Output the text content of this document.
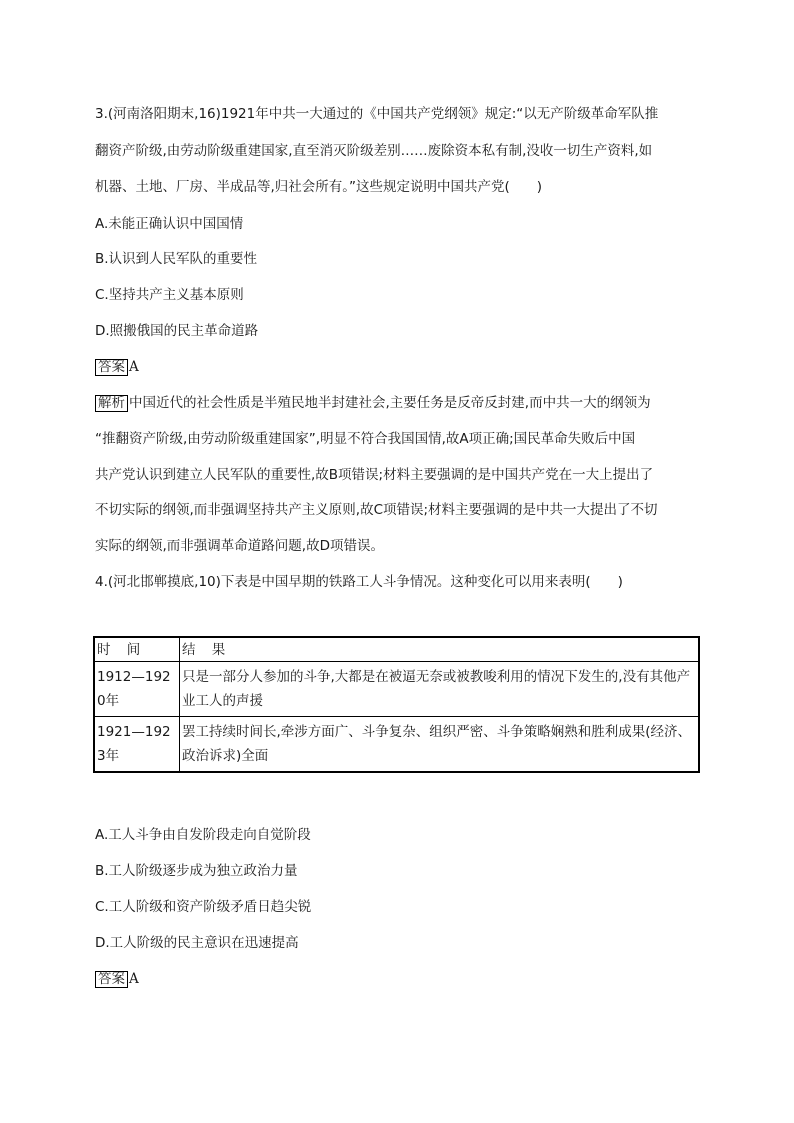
3.(河南洛阳期末,16)1921年中共一大通过的《中国共产党纲领》规定:“以无产阶级革命军队推
翻资产阶级,由劳动阶级重建国家,直至消灭阶级差别……废除资本私有制,没收一切生产资料,如
机器、土地、厂房、半成品等,归社会所有。”这些规定说明中国共产党(　　)
A.未能正确认识中国国情
B.认识到人民军队的重要性
C.坚持共产主义基本原则
D.照搬俄国的民主革命道路
答案 A
解析 中国近代的社会性质是半殖民地半封建社会,主要任务是反帝反封建,而中共一大的纲领为
“推翻资产阶级,由劳动阶级重建国家”,明显不符合我国国情,故A项正确;国民革命失败后中国
共产党认识到建立人民军队的重要性,故B项错误;材料主要强调的是中国共产党在一大上提出了
不切实际的纲领,而非强调坚持共产主义原则,故C项错误;材料主要强调的是中共一大提出了不切
实际的纲领,而非强调革命道路问题,故D项错误。
4.(河北邯郸摸底,10)下表是中国早期的铁路工人斗争情况。这种变化可以用来表明(　　)
时间	结果
1912—1920年	只是一部分人参加的斗争,大都是在被逼无奈或被教唆利用的情况下发生的,没有其他产业工人的声援
1921—1923年	罢工持续时间长,牵涉方面广、斗争复杂、组织严密、斗争策略娴熟和胜利成果(经济、政治诉求)全面
A.工人斗争由自发阶段走向自觉阶段
B.工人阶级逐步成为独立政治力量
C.工人阶级和资产阶级矛盾日趋尖锐
D.工人阶级的民主意识在迅速提高
答案 A
